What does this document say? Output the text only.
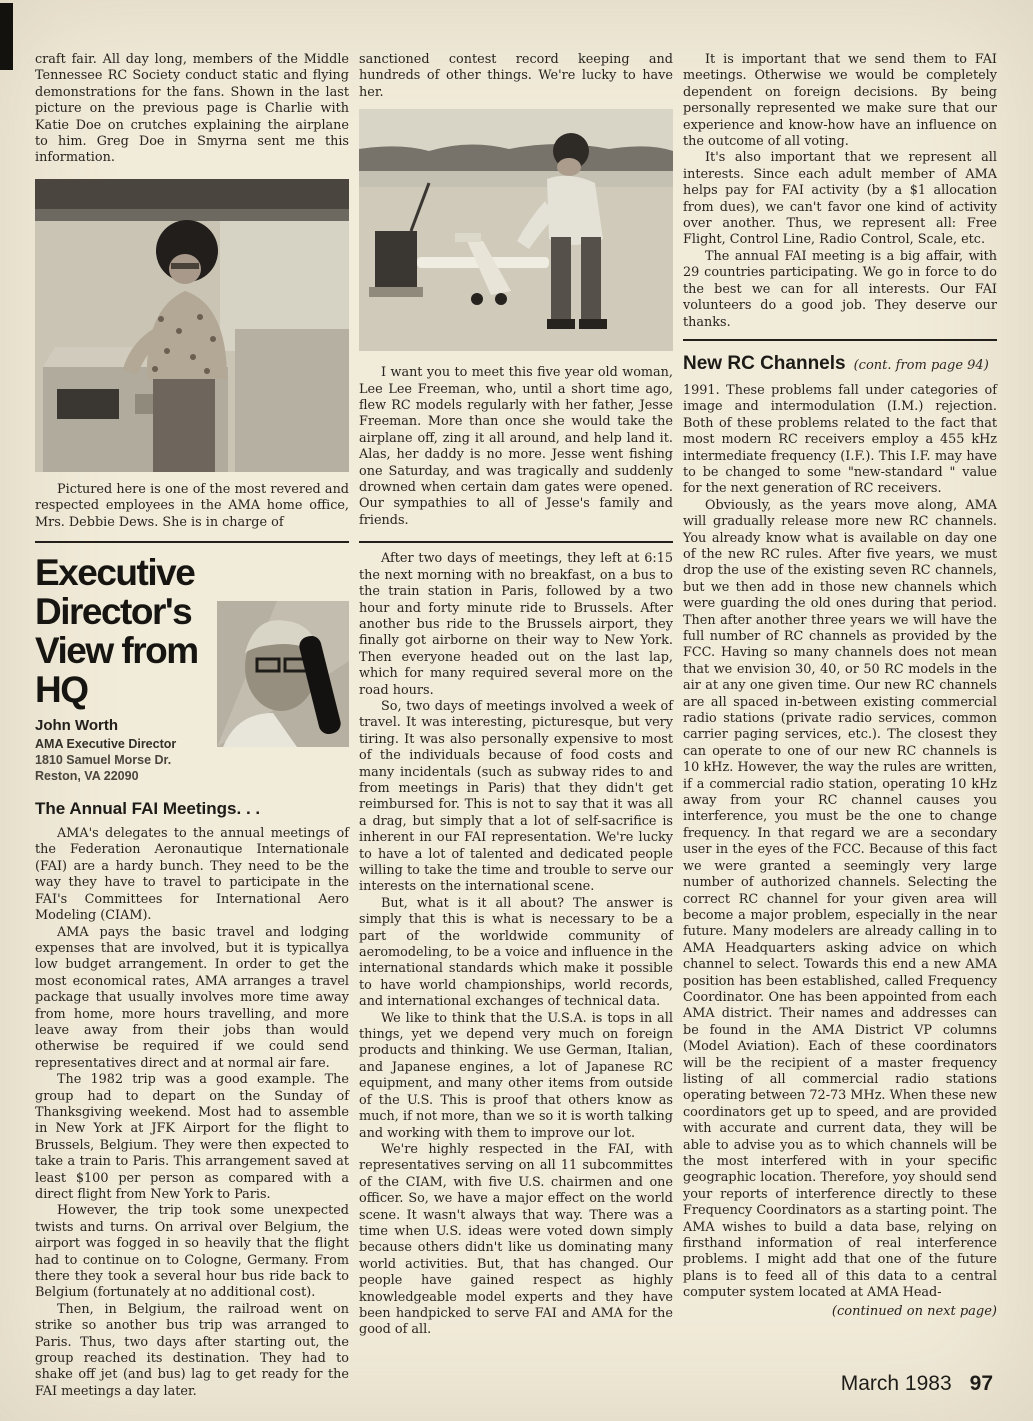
craft fair. All day long, members of the Middle Tennessee RC Society conduct static and flying demonstrations for the fans. Shown in the last picture on the previous page is Charlie with Katie Doe on crutches explaining the airplane to him. Greg Doe in Smyrna sent me this information.

Pictured here is one of the most revered and respected employees in the AMA home office, Mrs. Debbie Dews. She is in charge of

Executive Director's
View from
HQ
John Worth
AMA Executive Director
1810 Samuel Morse Dr.
Reston, VA 22090
The Annual FAI Meetings. . .

AMA's delegates to the annual meetings of the Federation Aeronautique Internationale (FAI) are a hardy bunch. They need to be the way they have to travel to participate in the FAI's Committees for International Aero Modeling (CIAM).

AMA pays the basic travel and lodging expenses that are involved, but it is typicallya low budget arrangement. In order to get the most economical rates, AMA arranges a travel package that usually involves more time away from home, more hours travelling, and more leave away from their jobs than would otherwise be required if we could send representatives direct and at normal air fare.

The 1982 trip was a good example. The group had to depart on the Sunday of Thanksgiving weekend. Most had to assemble in New York at JFK Airport for the flight to Brussels, Belgium. They were then expected to take a train to Paris. This arrangement saved at least $100 per person as compared with a direct flight from New York to Paris.

However, the trip took some unexpected twists and turns. On arrival over Belgium, the airport was fogged in so heavily that the flight had to continue on to Cologne, Germany. From there they took a several hour bus ride back to Belgium (fortunately at no additional cost).

Then, in Belgium, the railroad went on strike so another bus trip was arranged to Paris. Thus, two days after starting out, the group reached its destination. They had to shake off jet (and bus) lag to get ready for the FAI meetings a day later.

sanctioned contest record keeping and hundreds of other things. We're lucky to have her.

I want you to meet this five year old woman, Lee Lee Freeman, who, until a short time ago, flew RC models regularly with her father, Jesse Freeman. More than once she would take the airplane off, zing it all around, and help land it. Alas, her daddy is no more. Jesse went fishing one Saturday, and was tragically and suddenly drowned when certain dam gates were opened. Our sympathies to all of Jesse's family and friends.

After two days of meetings, they left at 6:15 the next morning with no breakfast, on a bus to the train station in Paris, followed by a two hour and forty minute ride to Brussels. After another bus ride to the Brussels airport, they finally got airborne on their way to New York. Then everyone headed out on the last lap, which for many required several more on the road hours.

So, two days of meetings involved a week of travel. It was interesting, picturesque, but very tiring. It was also personally expensive to most of the individuals because of food costs and many incidentals (such as subway rides to and from meetings in Paris) that they didn't get reimbursed for. This is not to say that it was all a drag, but simply that a lot of self-sacrifice is inherent in our FAI representation. We're lucky to have a lot of talented and dedicated people willing to take the time and trouble to serve our interests on the international scene.

But, what is it all about? The answer is simply that this is what is necessary to be a part of the worldwide community of aeromodeling, to be a voice and influence in the international standards which make it possible to have world championships, world records, and international exchanges of technical data.

We like to think that the U.S.A. is tops in all things, yet we depend very much on foreign products and thinking. We use German, Italian, and Japanese engines, a lot of Japanese RC equipment, and many other items from outside of the U.S. This is proof that others know as much, if not more, than we so it is worth talking and working with them to improve our lot.

We're highly respected in the FAI, with representatives serving on all 11 subcommittes of the CIAM, with five U.S. chairmen and one officer. So, we have a major effect on the world scene. It wasn't always that way. There was a time when U.S. ideas were voted down simply because others didn't like us dominating many world activities. But, that has changed. Our people have gained respect as highly knowledgeable model experts and they have been handpicked to serve FAI and AMA for the good of all.

It is important that we send them to FAI meetings. Otherwise we would be completely dependent on foreign decisions. By being personally represented we make sure that our experience and know-how have an influence on the outcome of all voting.

It's also important that we represent all interests. Since each adult member of AMA helps pay for FAI activity (by a $1 allocation from dues), we can't favor one kind of activity over another. Thus, we represent all: Free Flight, Control Line, Radio Control, Scale, etc.

The annual FAI meeting is a big affair, with 29 countries participating. We go in force to do the best we can for all interests. Our FAI volunteers do a good job. They deserve our thanks.

New RC Channels (cont. from page 94)

1991. These problems fall under categories of image and intermodulation (I.M.) rejection. Both of these problems related to the fact that most modern RC receivers employ a 455 kHz intermediate frequency (I.F.). This I.F. may have to be changed to some "new-standard " value for the next generation of RC receivers.

Obviously, as the years move along, AMA will gradually release more new RC channels. You already know what is available on day one of the new RC rules. After five years, we must drop the use of the existing seven RC channels, but we then add in those new channels which were guarding the old ones during that period. Then after another three years we will have the full number of RC channels as provided by the FCC. Having so many channels does not mean that we envision 30, 40, or 50 RC models in the air at any one given time. Our new RC channels are all spaced in-between existing commercial radio stations (private radio services, common carrier paging services, etc.). The closest they can operate to one of our new RC channels is 10 kHz. However, the way the rules are written, if a commercial radio station, operating 10 kHz away from your RC channel causes you interference, you must be the one to change frequency. In that regard we are a secondary user in the eyes of the FCC. Because of this fact we were granted a seemingly very large number of authorized channels. Selecting the correct RC channel for your given area will become a major problem, especially in the near future. Many modelers are already calling in to AMA Headquarters asking advice on which channel to select. Towards this end a new AMA position has been established, called Frequency Coordinator. One has been appointed from each AMA district. Their names and addresses can be found in the AMA District VP columns (Model Aviation). Each of these coordinators will be the recipient of a master frequency listing of all commercial radio stations operating between 72-73 MHz. When these new coordinators get up to speed, and are provided with accurate and current data, they will be able to advise you as to which channels will be the most interfered with in your specific geographic location. Therefore, yoy should send your reports of interference directly to these Frequency Coordinators as a starting point. The AMA wishes to build a data base, relying on firsthand information of real interference problems. I might add that one of the future plans is to feed all of this data to a central computer system located at AMA Head-

(continued on next page)

March 1983 97
